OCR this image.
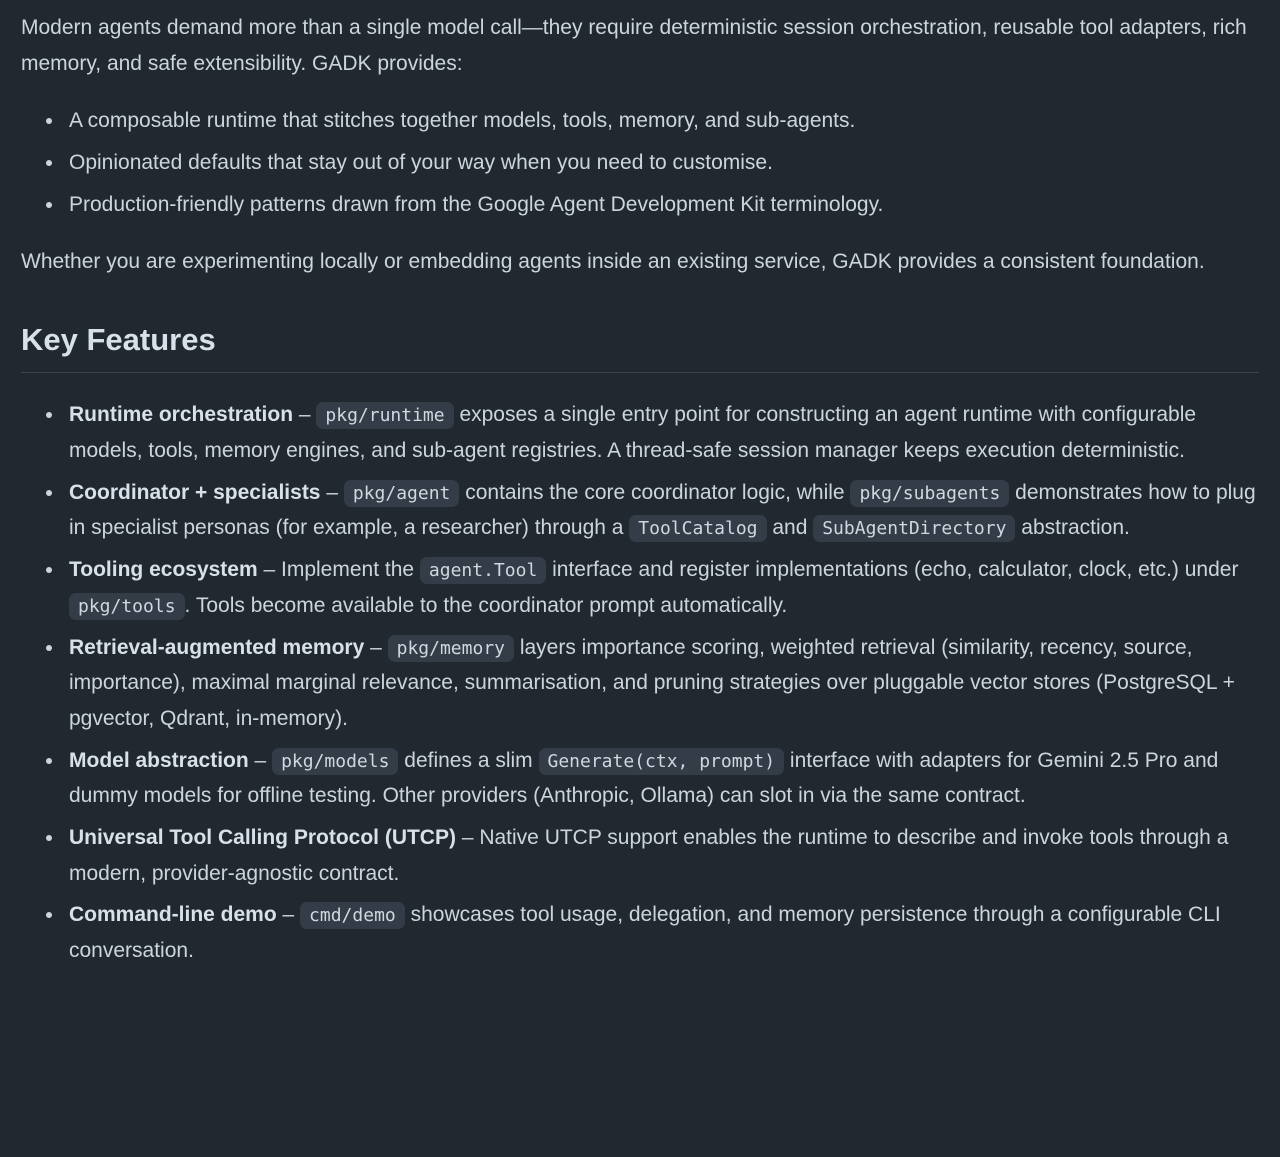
Modern agents demand more than a single model call—they require deterministic session orchestration, reusable tool adapters, rich memory, and safe extensibility. GADK provides:

• A composable runtime that stitches together models, tools, memory, and sub-agents.
• Opinionated defaults that stay out of your way when you need to customise.
• Production-friendly patterns drawn from the Google Agent Development Kit terminology.

Whether you are experimenting locally or embedding agents inside an existing service, GADK provides a consistent foundation.

Key Features
• Runtime orchestration – pkg/runtime exposes a single entry point for constructing an agent runtime with configurable models, tools, memory engines, and sub-agent registries. A thread-safe session manager keeps execution deterministic.
• Coordinator + specialists – pkg/agent contains the core coordinator logic, while pkg/subagents demonstrates how to plug in specialist personas (for example, a researcher) through a ToolCatalog and SubAgentDirectory abstraction.
• Tooling ecosystem – Implement the agent.Tool interface and register implementations (echo, calculator, clock, etc.) under pkg/tools . Tools become available to the coordinator prompt automatically.
• Retrieval-augmented memory – pkg/memory layers importance scoring, weighted retrieval (similarity, recency, source, importance), maximal marginal relevance, summarisation, and pruning strategies over pluggable vector stores (PostgreSQL + pgvector, Qdrant, in-memory).
• Model abstraction – pkg/models defines a slim Generate(ctx, prompt) interface with adapters for Gemini 2.5 Pro and dummy models for offline testing. Other providers (Anthropic, Ollama) can slot in via the same contract.
• Universal Tool Calling Protocol (UTCP) – Native UTCP support enables the runtime to describe and invoke tools through a modern, provider-agnostic contract.
• Command-line demo – cmd/demo showcases tool usage, delegation, and memory persistence through a configurable CLI conversation.
